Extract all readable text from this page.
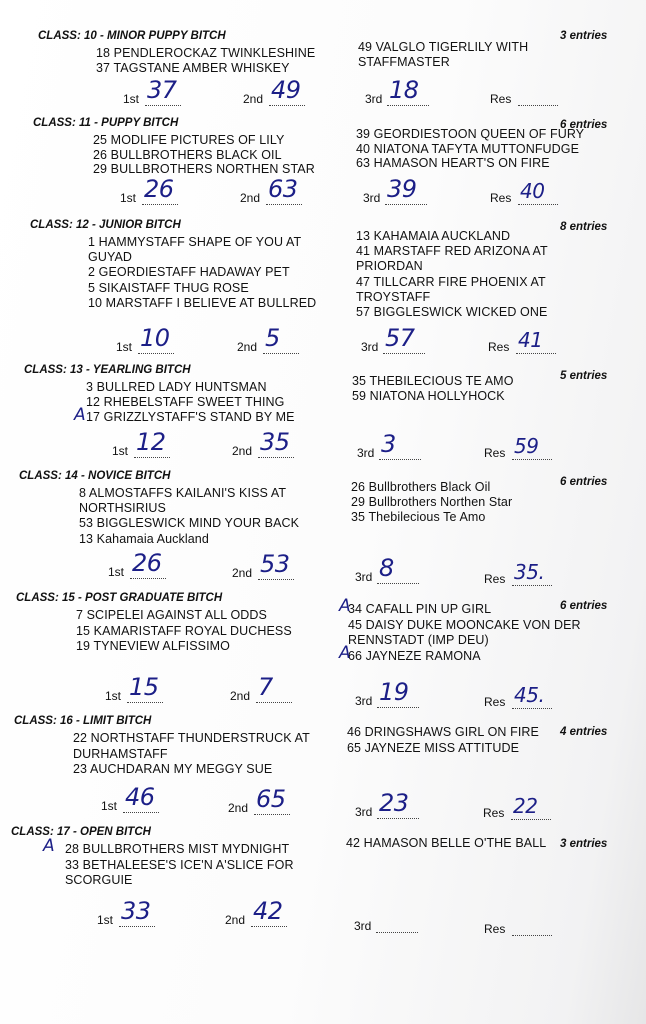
CLASS: 10 - MINOR PUPPY BITCH	3 entries
18 PENDLEROCKAZ TWINKLESHINE
37 TAGSTANE AMBER WHISKEY
49 VALGLO TIGERLILY WITH
STAFFMASTER
1st 37	2nd 49	3rd 18	Res
CLASS: 11 - PUPPY BITCH	6 entries
25 MODLIFE PICTURES OF LILY
26 BULLBROTHERS BLACK OIL
29 BULLBROTHERS NORTHEN STAR
39 GEORDIESTOON QUEEN OF FURY
40 NIATONA TAFYTA MUTTONFUDGE
63 HAMASON HEART'S ON FIRE
1st 26	2nd 63	3rd 39	Res 40
CLASS: 12 - JUNIOR BITCH	8 entries
1 HAMMYSTAFF SHAPE OF YOU AT
GUYAD
2 GEORDIESTAFF HADAWAY PET
5 SIKAISTAFF THUG ROSE
10 MARSTAFF I BELIEVE AT BULLRED
13 KAHAMAIA AUCKLAND
41 MARSTAFF RED ARIZONA AT
PRIORDAN
47 TILLCARR FIRE PHOENIX AT
TROYSTAFF
57 BIGGLESWICK WICKED ONE
1st 10	2nd 5	3rd 57	Res 41
CLASS: 13 - YEARLING BITCH	5 entries
3 BULLRED LADY HUNTSMAN
12 RHEBELSTAFF SWEET THING
17 GRIZZLYSTAFF'S STAND BY ME
35 THEBILECIOUS TE AMO
59 NIATONA HOLLYHOCK
1st 12	2nd 35	3rd 3	Res 59
CLASS: 14 - NOVICE BITCH	6 entries
8 ALMOSTAFFS KAILANI'S KISS AT
NORTHSIRIUS
53 BIGGLESWICK MIND YOUR BACK
13 Kahamaia Auckland
26 Bullbrothers Black Oil
29 Bullbrothers Northen Star
35 Thebilecious Te Amo
1st 26	2nd 53	3rd 8	Res 35.
CLASS: 15 - POST GRADUATE BITCH
6 entries
7 SCIPELEI AGAINST ALL ODDS
15 KAMARISTAFF ROYAL DUCHESS
19 TYNEVIEW ALFISSIMO
34 CAFALL PIN UP GIRL
45 DAISY DUKE MOONCAKE VON DER
RENNSTADT (IMP DEU)
66 JAYNEZE RAMONA
1st 15	2nd 7	3rd 19	Res 45.
CLASS: 16 - LIMIT BITCH
4 entries
22 NORTHSTAFF THUNDERSTRUCK AT
DURHAMSTAFF
23 AUCHDARAN MY MEGGY SUE
46 DRINGSHAWS GIRL ON FIRE
65 JAYNEZE MISS ATTITUDE
1st 46	2nd 65	3rd 23	Res 22
CLASS: 17 - OPEN BITCH
3 entries
28 BULLBROTHERS MIST MYDNIGHT
33 BETHALEESE'S ICE'N A'SLICE FOR
SCORGUIE
42 HAMASON BELLE O'THE BALL
1st 33	2nd 42
3rd	Res
A
A
A
A
